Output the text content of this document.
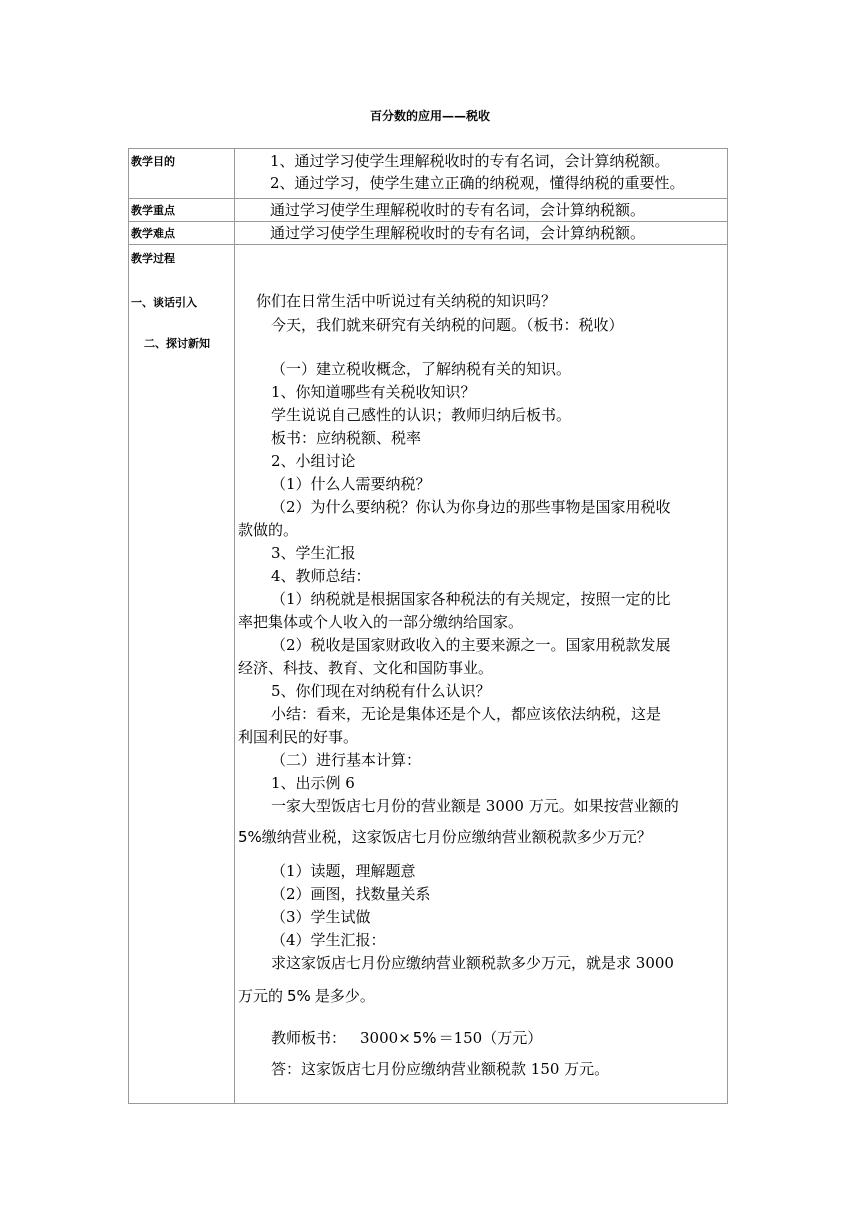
百分数的应用——税收
教学目的
教学重点
教学难点
教学过程
一、谈话引入
二、探讨新知
1、通过学习使学生理解税收时的专有名词，会计算纳税额。
2、通过学习，使学生建立正确的纳税观，懂得纳税的重要性。
通过学习使学生理解税收时的专有名词，会计算纳税额。
通过学习使学生理解税收时的专有名词，会计算纳税额。
你们在日常生活中听说过有关纳税的知识吗？
今天，我们就来研究有关纳税的问题。（板书：税收）
（一）建立税收概念，了解纳税有关的知识。
1、你知道哪些有关税收知识？
学生说说自己感性的认识；教师归纳后板书。
板书：应纳税额、税率
2、小组讨论
（1）什么人需要纳税？
（2）为什么要纳税？你认为你身边的那些事物是国家用税收
款做的。
3、学生汇报
4、教师总结：
（1）纳税就是根据国家各种税法的有关规定，按照一定的比
率把集体或个人收入的一部分缴纳给国家。
（2）税收是国家财政收入的主要来源之一。国家用税款发展
经济、科技、教育、文化和国防事业。
5、你们现在对纳税有什么认识？
小结：看来，无论是集体还是个人，都应该依法纳税，这是
利国利民的好事。
（二）进行基本计算：
1、出示例 6
一家大型饭店七月份的营业额是 3000 万元。如果按营业额的
5%缴纳营业税，这家饭店七月份应缴纳营业额税款多少万元？
（1）读题，理解题意
（2）画图，找数量关系
（3）学生试做
（4）学生汇报：
求这家饭店七月份应缴纳营业额税款多少万元，就是求 3000
万元的 5% 是多少。
教师板书： 3000× 5% ＝150（万元）
答：这家饭店七月份应缴纳营业额税款 150 万元。
